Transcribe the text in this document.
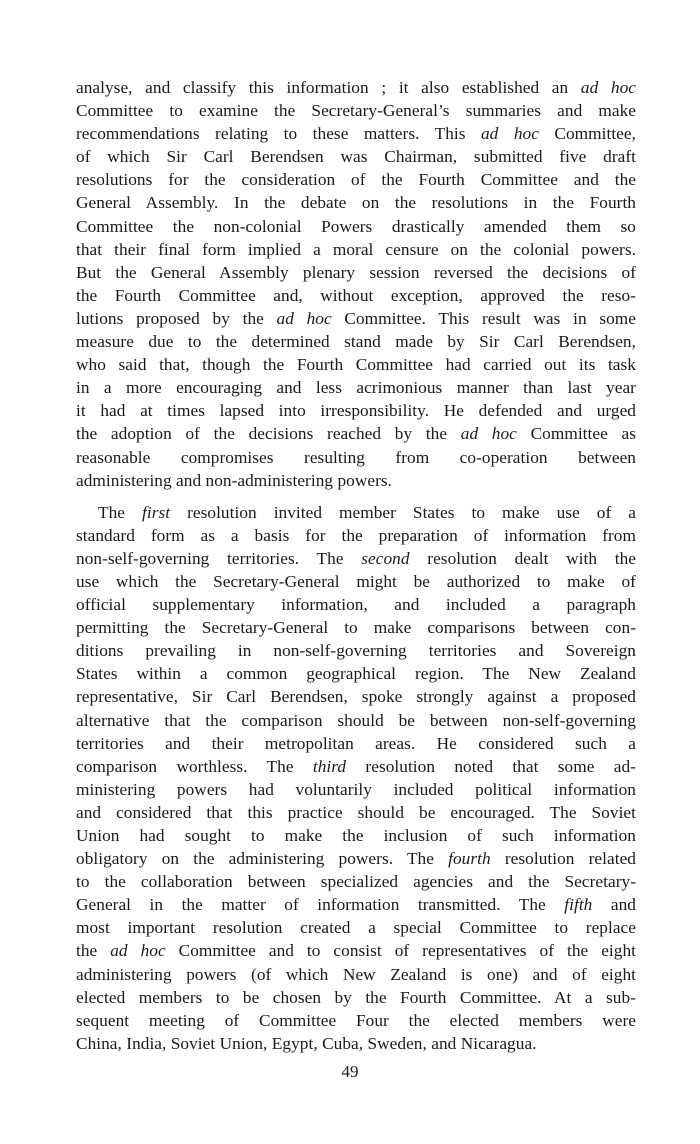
analyse, and classify this information ; it also established an ad hoc
Committee to examine the Secretary-General’s summaries and make
recommendations relating to these matters. This ad hoc Committee,
of which Sir Carl Berendsen was Chairman, submitted five draft
resolutions for the consideration of the Fourth Committee and the
General Assembly. In the debate on the resolutions in the Fourth
Committee the non-colonial Powers drastically amended them so
that their final form implied a moral censure on the colonial powers.
But the General Assembly plenary session reversed the decisions of
the Fourth Committee and, without exception, approved the reso-
lutions proposed by the ad hoc Committee. This result was in some
measure due to the determined stand made by Sir Carl Berendsen,
who said that, though the Fourth Committee had carried out its task
in a more encouraging and less acrimonious manner than last year
it had at times lapsed into irresponsibility. He defended and urged
the adoption of the decisions reached by the ad hoc Committee as
reasonable compromises resulting from co-operation between
administering and non-administering powers.
The first resolution invited member States to make use of a
standard form as a basis for the preparation of information from
non-self-governing territories. The second resolution dealt with the
use which the Secretary-General might be authorized to make of
official supplementary information, and included a paragraph
permitting the Secretary-General to make comparisons between con-
ditions prevailing in non-self-governing territories and Sovereign
States within a common geographical region. The New Zealand
representative, Sir Carl Berendsen, spoke strongly against a proposed
alternative that the comparison should be between non-self-governing
territories and their metropolitan areas. He considered such a
comparison worthless. The third resolution noted that some ad-
ministering powers had voluntarily included political information
and considered that this practice should be encouraged. The Soviet
Union had sought to make the inclusion of such information
obligatory on the administering powers. The fourth resolution related
to the collaboration between specialized agencies and the Secretary-
General in the matter of information transmitted. The fifth and
most important resolution created a special Committee to replace
the ad hoc Committee and to consist of representatives of the eight
administering powers (of which New Zealand is one) and of eight
elected members to be chosen by the Fourth Committee. At a sub-
sequent meeting of Committee Four the elected members were
China, India, Soviet Union, Egypt, Cuba, Sweden, and Nicaragua.
49
